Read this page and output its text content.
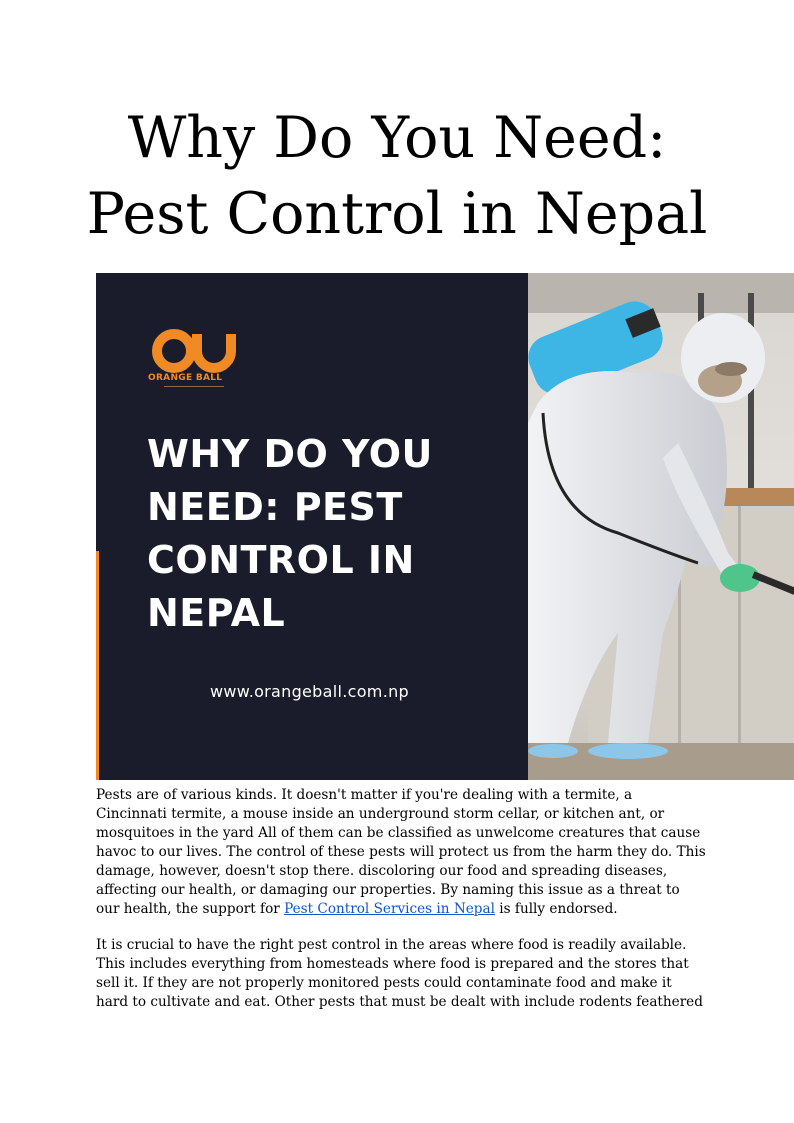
Why Do You Need:
Pest Control in Nepal
ORANGE BALL
WHY DO YOU NEED: PEST CONTROL IN NEPAL
www.orangeball.com.np

Pests are of various kinds. It doesn't matter if you're dealing with a termite, a Cincinnati termite, a mouse inside an underground storm cellar, or kitchen ant, or mosquitoes in the yard All of them can be classified as unwelcome creatures that cause havoc to our lives. The control of these pests will protect us from the harm they do. This damage, however, doesn't stop there. discoloring our food and spreading diseases, affecting our health, or damaging our properties. By naming this issue as a threat to our health, the support for Pest Control Services in Nepal is fully endorsed.

It is crucial to have the right pest control in the areas where food is readily available. This includes everything from homesteads where food is prepared and the stores that sell it. If they are not properly monitored pests could contaminate food and make it hard to cultivate and eat. Other pests that must be dealt with include rodents feathered
